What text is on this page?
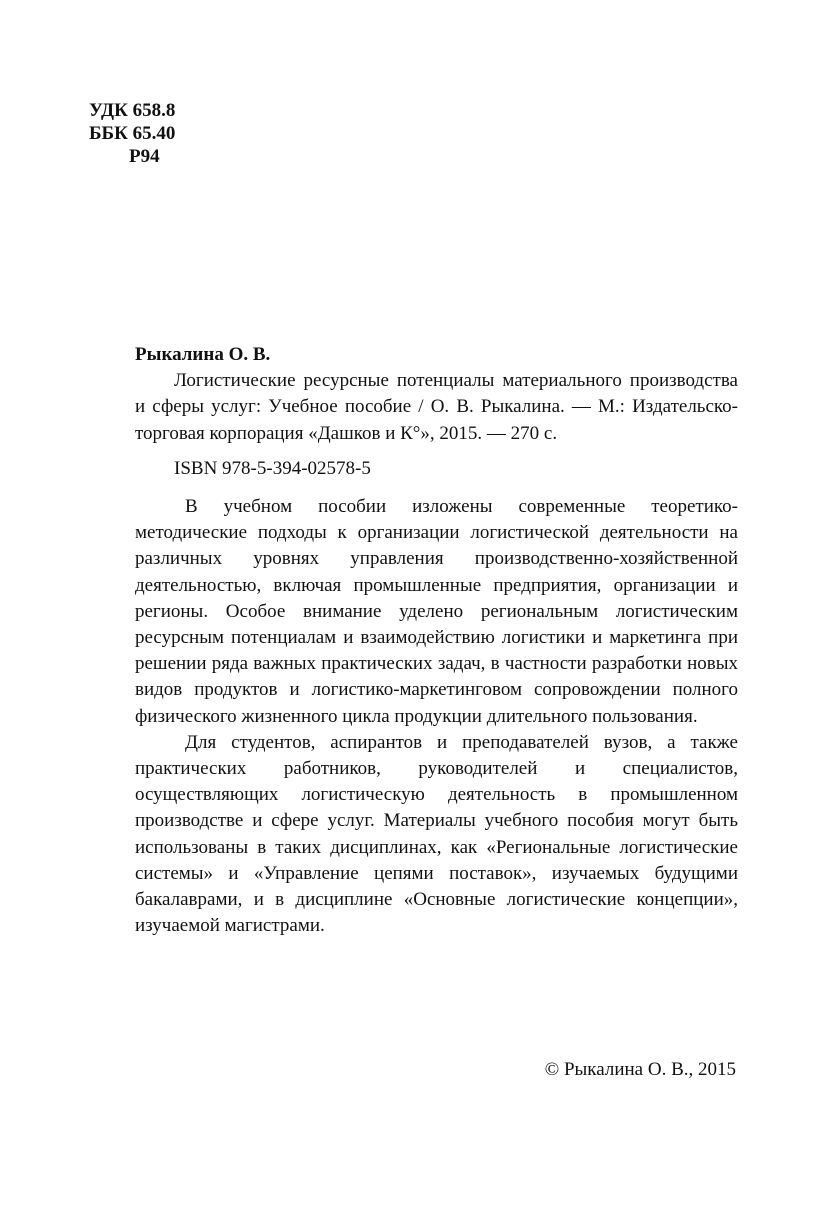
УДК 658.8
ББК 65.40
Р94
Рыкалина О. В.

Логистические ресурсные потенциалы материального производства и сферы услуг: Учебное пособие / О. В. Рыкалина. — М.: Издательско-торговая корпорация «Дашков и К°», 2015. — 270 с.

ISBN 978-5-394-02578-5

В учебном пособии изложены современные теоретико-методические подходы к организации логистической деятельности на различных уровнях управления производственно-хозяйственной деятельностью, включая промышленные предприятия, организации и регионы. Особое внимание уделено региональным логистическим ресурсным потенциалам и взаимодействию логистики и маркетинга при решении ряда важных практических задач, в частности разработки новых видов продуктов и логистико-маркетинговом сопровождении полного физического жизненного цикла продукции длительного пользования.

Для студентов, аспирантов и преподавателей вузов, а также практических работников, руководителей и специалистов, осуществляющих логистическую деятельность в промышленном производстве и сфере услуг. Материалы учебного пособия могут быть использованы в таких дисциплинах, как «Региональные логистические системы» и «Управление цепями поставок», изучаемых будущими бакалаврами, и в дисциплине «Основные логистические концепции», изучаемой магистрами.

© Рыкалина О. В., 2015
